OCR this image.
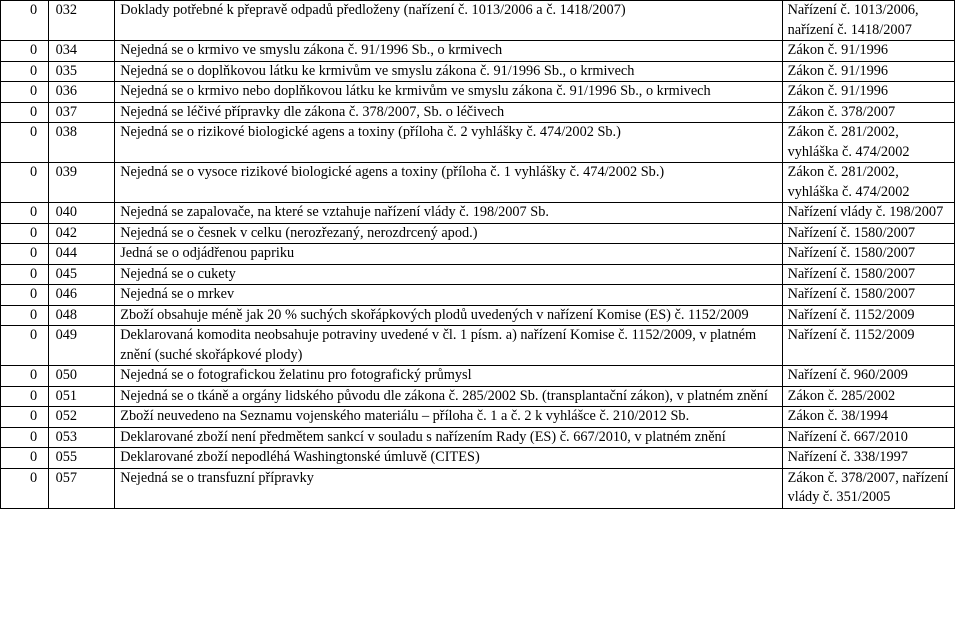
0	032	Doklady potřebné k přepravě odpadů předloženy (nařízení č. 1013/2006 a č. 1418/2007)	Nařízení č. 1013/2006, nařízení č. 1418/2007
0	034	Nejedná se o krmivo ve smyslu zákona č. 91/1996 Sb., o krmivech	Zákon č. 91/1996
0	035	Nejedná se o doplňkovou látku ke krmivům ve smyslu zákona č. 91/1996 Sb., o krmivech	Zákon č. 91/1996
0	036	Nejedná se o krmivo nebo doplňkovou látku ke krmivům ve smyslu zákona č. 91/1996 Sb., o krmivech	Zákon č. 91/1996
0	037	Nejedná se léčivé přípravky dle zákona č. 378/2007, Sb. o léčivech	Zákon č. 378/2007
0	038	Nejedná se o rizikové biologické agens a toxiny (příloha č. 2 vyhlášky č. 474/2002 Sb.)	Zákon č. 281/2002, vyhláška č. 474/2002
0	039	Nejedná se o vysoce rizikové biologické agens a toxiny (příloha č. 1 vyhlášky č. 474/2002 Sb.)	Zákon č. 281/2002, vyhláška č. 474/2002
0	040	Nejedná se zapalovače, na které se vztahuje nařízení vlády č. 198/2007 Sb.	Nařízení vlády č. 198/2007
0	042	Nejedná se o česnek v celku (nerozřezaný, nerozdrcený apod.)	Nařízení č. 1580/2007
0	044	Jedná se o odjádřenou papriku	Nařízení č. 1580/2007
0	045	Nejedná se o cukety	Nařízení č. 1580/2007
0	046	Nejedná se o mrkev	Nařízení č. 1580/2007
0	048	Zboží obsahuje méně jak 20 % suchých skořápkových plodů uvedených v nařízení Komise (ES) č. 1152/2009	Nařízení č. 1152/2009
0	049	Deklarovaná komodita neobsahuje potraviny uvedené v čl. 1 písm. a) nařízení Komise č. 1152/2009, v platném znění (suché skořápkové plody)	Nařízení č. 1152/2009
0	050	Nejedná se o fotografickou želatinu pro fotografický průmysl	Nařízení č. 960/2009
0	051	Nejedná se o tkáně a orgány lidského původu dle zákona č. 285/2002 Sb. (transplantační zákon), v platném znění	Zákon č. 285/2002
0	052	Zboží neuvedeno na Seznamu vojenského materiálu – příloha č. 1 a č. 2 k vyhlášce č. 210/2012 Sb.	Zákon č. 38/1994
0	053	Deklarované zboží není předmětem sankcí v souladu s nařízením Rady (ES) č. 667/2010, v platném znění	Nařízení č. 667/2010
0	055	Deklarované zboží nepodléhá Washingtonské úmluvě (CITES)	Nařízení č. 338/1997
0	057	Nejedná se o transfuzní přípravky	Zákon č. 378/2007, nařízení vlády č. 351/2005
